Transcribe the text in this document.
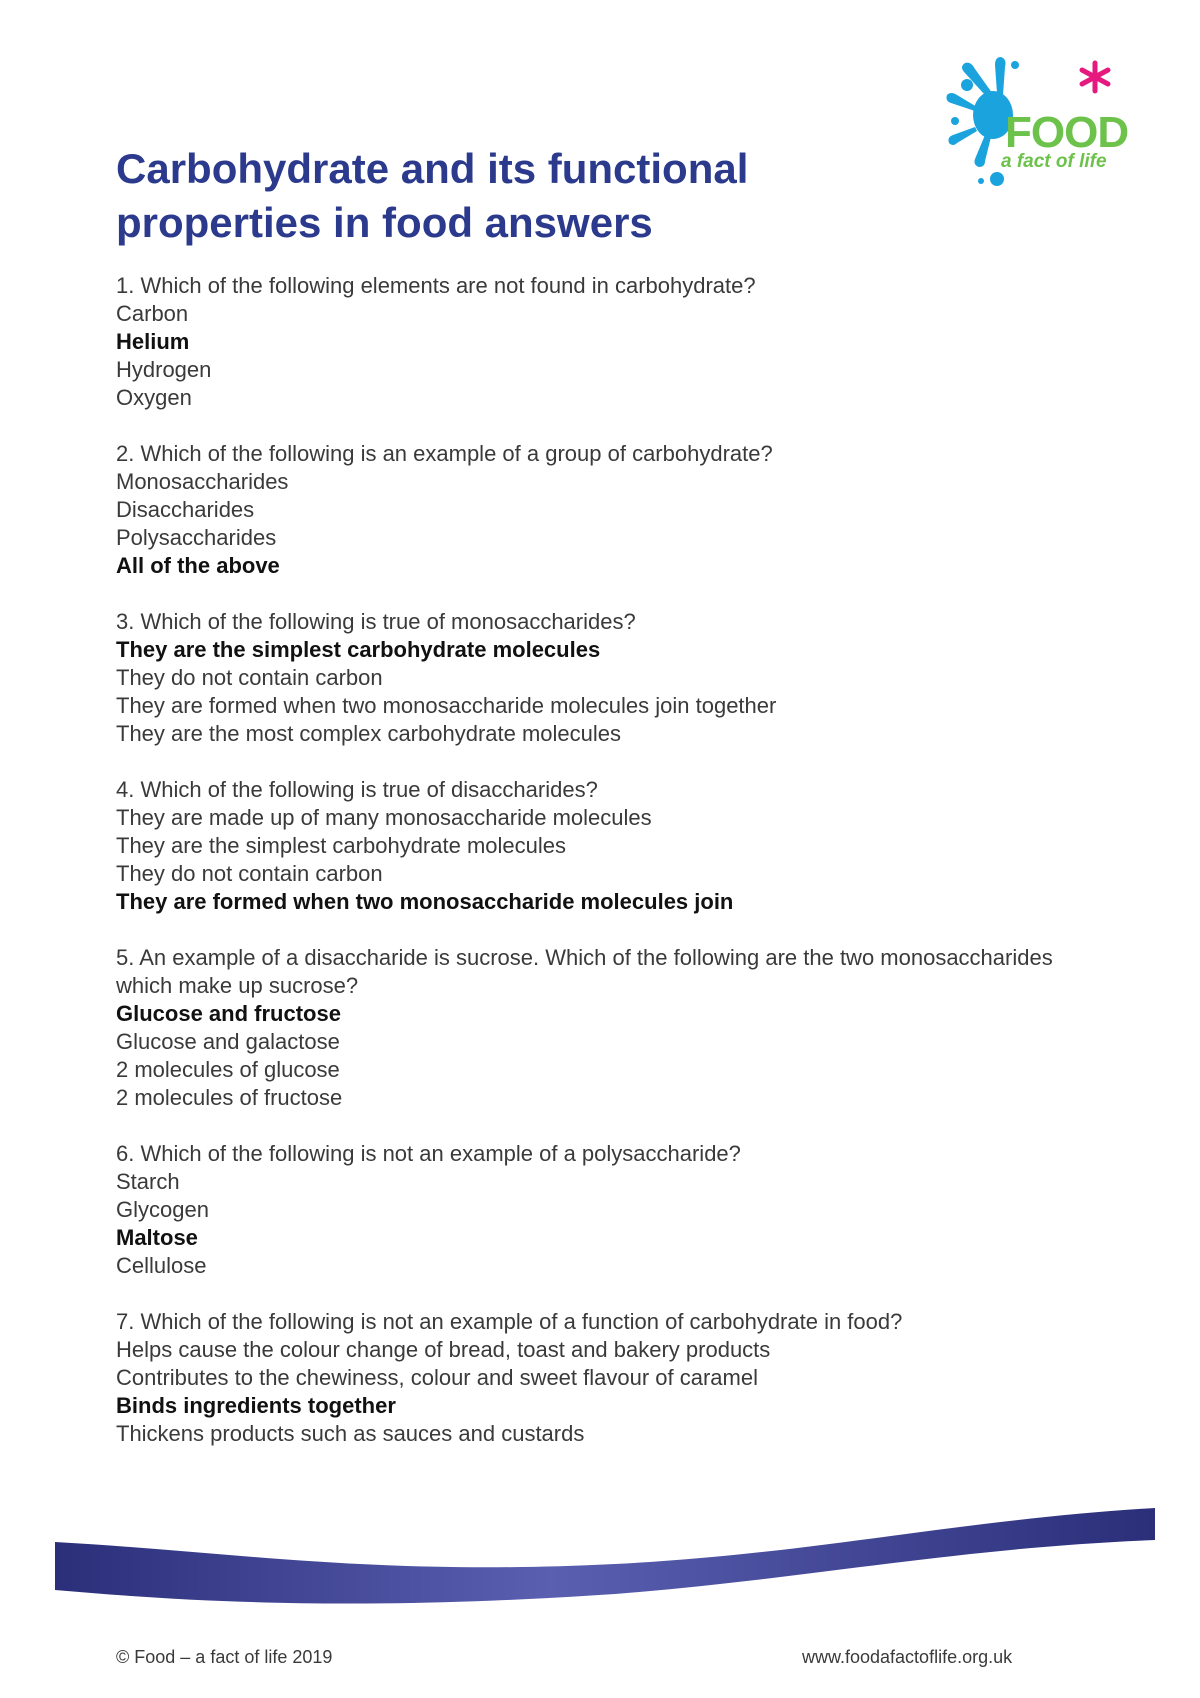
FOOD
a fact of life
Carbohydrate and its functional properties in food answers
1. Which of the following elements are not found in carbohydrate?
Carbon
Helium
Hydrogen
Oxygen
2. Which of the following is an example of a group of carbohydrate?
Monosaccharides
Disaccharides
Polysaccharides
All of the above
3. Which of the following is true of monosaccharides?
They are the simplest carbohydrate molecules
They do not contain carbon
They are formed when two monosaccharide molecules join together
They are the most complex carbohydrate molecules
4. Which of the following is true of disaccharides?
They are made up of many monosaccharide molecules
They are the simplest carbohydrate molecules
They do not contain carbon
They are formed when two monosaccharide molecules join
5. An example of a disaccharide is sucrose. Which of the following are the two monosaccharides which make up sucrose?
Glucose and fructose
Glucose and galactose
2 molecules of glucose
2 molecules of fructose
6. Which of the following is not an example of a polysaccharide?
Starch
Glycogen
Maltose
Cellulose
7. Which of the following is not an example of a function of carbohydrate in food?
Helps cause the colour change of bread, toast and bakery products
Contributes to the chewiness, colour and sweet flavour of caramel
Binds ingredients together
Thickens products such as sauces and custards
© Food – a fact of life 2019	www.foodafactoflife.org.uk
